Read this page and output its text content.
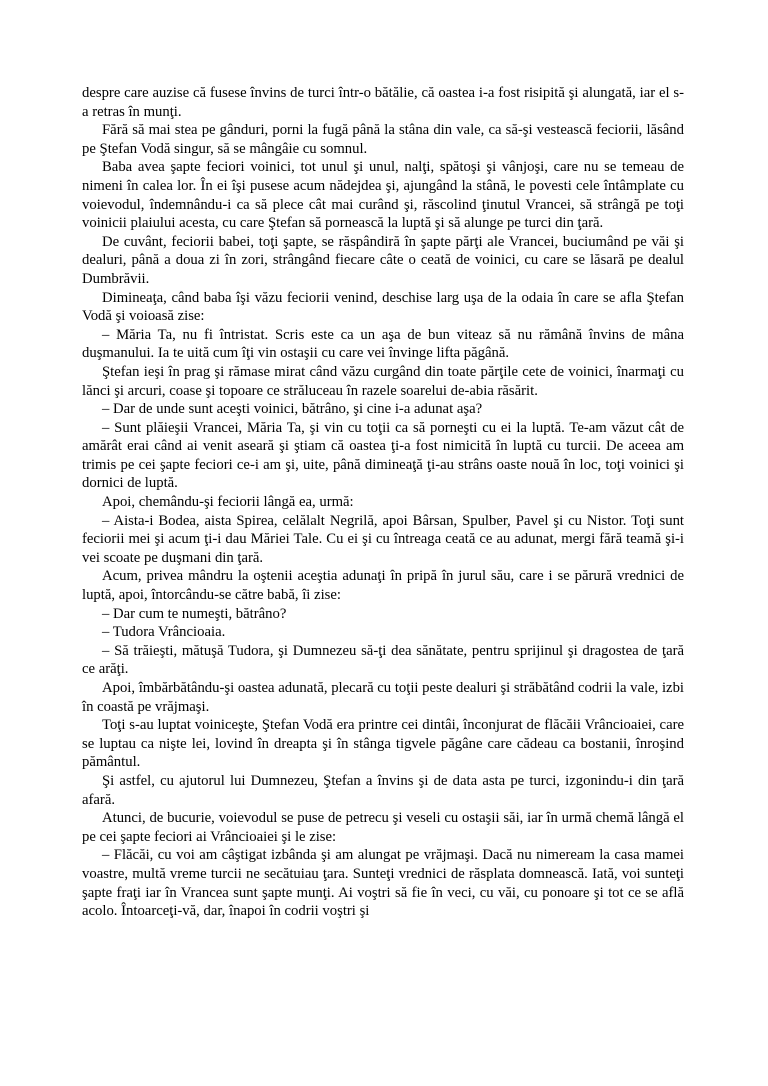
despre care auzise că fusese învins de turci într-o bătălie, că oastea i-a fost risipită şi alungată, iar el s-a retras în munţi.

Fără să mai stea pe gânduri, porni la fugă până la stâna din vale, ca să-şi vestească feciorii, lăsând pe Ştefan Vodă singur, să se mângâie cu somnul.

Baba avea şapte feciori voinici, tot unul şi unul, nalţi, spătoşi şi vânjoşi, care nu se temeau de nimeni în calea lor. În ei îşi pusese acum nădejdea şi, ajungând la stână, le povesti cele întâmplate cu voievodul, îndemnându-i ca să plece cât mai curând şi, răscolind ţinutul Vrancei, să strângă pe toţi voinicii plaiului acesta, cu care Ştefan să pornească la luptă şi să alunge pe turci din ţară.

De cuvânt, feciorii babei, toţi şapte, se răspândiră în şapte părţi ale Vrancei, buciumând pe văi şi dealuri, până a doua zi în zori, strângând fiecare câte o ceată de voinici, cu care se lăsară pe dealul Dumbrăvii.

Dimineaţa, când baba îşi văzu feciorii venind, deschise larg uşa de la odaia în care se afla Ştefan Vodă şi voioasă zise:

– Măria Ta, nu fi întristat. Scris este ca un aşa de bun viteaz să nu rămână învins de mâna duşmanului. Ia te uită cum îţi vin ostaşii cu care vei învinge lifta păgână.

Ştefan ieşi în prag şi rămase mirat când văzu curgând din toate părţile cete de voinici, înarmaţi cu lănci şi arcuri, coase şi topoare ce străluceau în razele soarelui de-abia răsărit.

– Dar de unde sunt aceşti voinici, bătrâno, şi cine i-a adunat aşa?

– Sunt plăieşii Vrancei, Măria Ta, şi vin cu toţii ca să porneşti cu ei la luptă. Te-am văzut cât de amărât erai când ai venit aseară şi ştiam că oastea ţi-a fost nimicită în luptă cu turcii. De aceea am trimis pe cei şapte feciori ce-i am şi, uite, până dimineaţă ţi-au strâns oaste nouă în loc, toţi voinici şi dornici de luptă.

Apoi, chemându-şi feciorii lângă ea, urmă:

– Aista-i Bodea, aista Spirea, celălalt Negrilă, apoi Bârsan, Spulber, Pavel şi cu Nistor. Toţi sunt feciorii mei şi acum ţi-i dau Măriei Tale. Cu ei şi cu întreaga ceată ce au adunat, mergi fără teamă şi-i vei scoate pe duşmani din ţară.

Acum, privea mândru la oştenii aceştia adunaţi în pripă în jurul său, care i se părură vrednici de luptă, apoi, întorcându-se către babă, îi zise:

– Dar cum te numeşti, bătrâno?

– Tudora Vrâncioaia.

– Să trăieşti, mătuşă Tudora, şi Dumnezeu să-ţi dea sănătate, pentru sprijinul şi dragostea de ţară ce arăţi.

Apoi, îmbărbătându-şi oastea adunată, plecară cu toţii peste dealuri şi străbătând codrii la vale, izbi în coastă pe vrăjmaşi.

Toţi s-au luptat voiniceşte, Ştefan Vodă era printre cei dintâi, înconjurat de flăcăii Vrâncioaiei, care se luptau ca nişte lei, lovind în dreapta şi în stânga tigvele păgâne care cădeau ca bostanii, înroşind pământul.

Şi astfel, cu ajutorul lui Dumnezeu, Ştefan a învins şi de data asta pe turci, izgonindu-i din ţară afară.

Atunci, de bucurie, voievodul se puse de petrecu şi veseli cu ostaşii săi, iar în urmă chemă lângă el pe cei şapte feciori ai Vrâncioaiei şi le zise:

– Flăcăi, cu voi am câştigat izbânda şi am alungat pe vrăjmaşi. Dacă nu nimeream la casa mamei voastre, multă vreme turcii ne secătuiau ţara. Sunteţi vrednici de răsplata domnească. Iată, voi sunteţi şapte fraţi iar în Vrancea sunt şapte munţi. Ai voştri să fie în veci, cu văi, cu ponoare şi tot ce se află acolo. Întoarceţi-vă, dar, înapoi în codrii voştri şi
